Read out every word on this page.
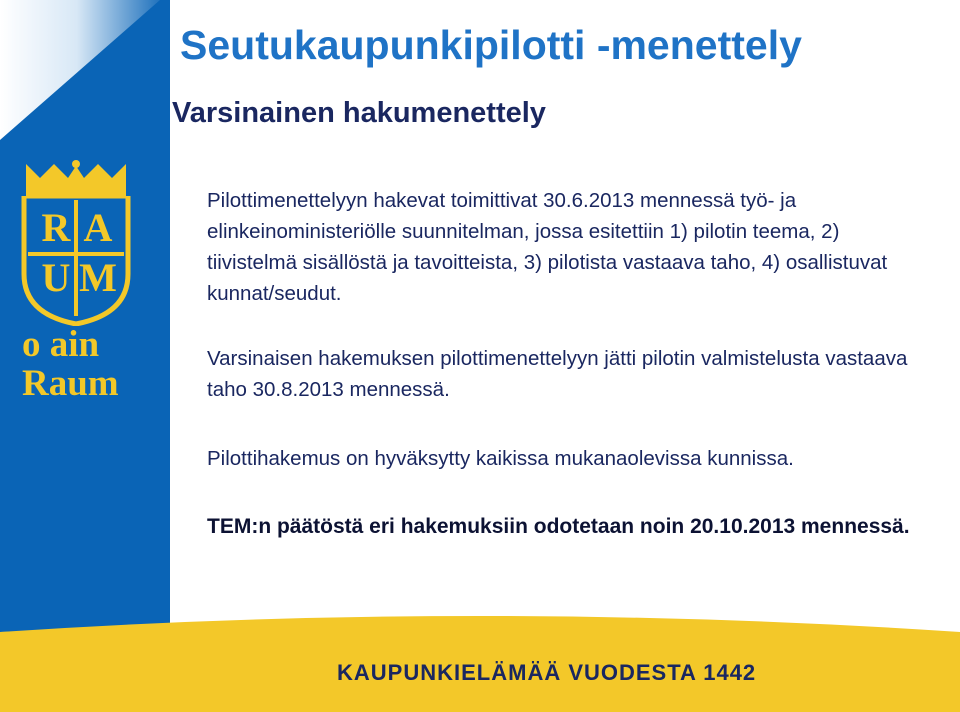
R A
U M

o ain

Raum

Seutukaupunkipilotti -menettely
Varsinainen hakumenettely

Pilottimenettelyyn hakevat toimittivat 30.6.2013 mennessä työ- ja elinkeinoministeriölle suunnitelman, jossa esitettiin 1) pilotin teema, 2) tiivistelmä sisällöstä ja tavoitteista, 3) pilotista vastaava taho, 4) osallistuvat kunnat/seudut.

Varsinaisen hakemuksen pilottimenettelyyn jätti pilotin valmistelusta vastaava taho 30.8.2013 mennessä.

Pilottihakemus on hyväksytty kaikissa mukanaolevissa kunnissa.

TEM:n päätöstä eri hakemuksiin odotetaan noin 20.10.2013 mennessä.

KAUPUNKIELÄMÄÄ VUODESTA 1442
